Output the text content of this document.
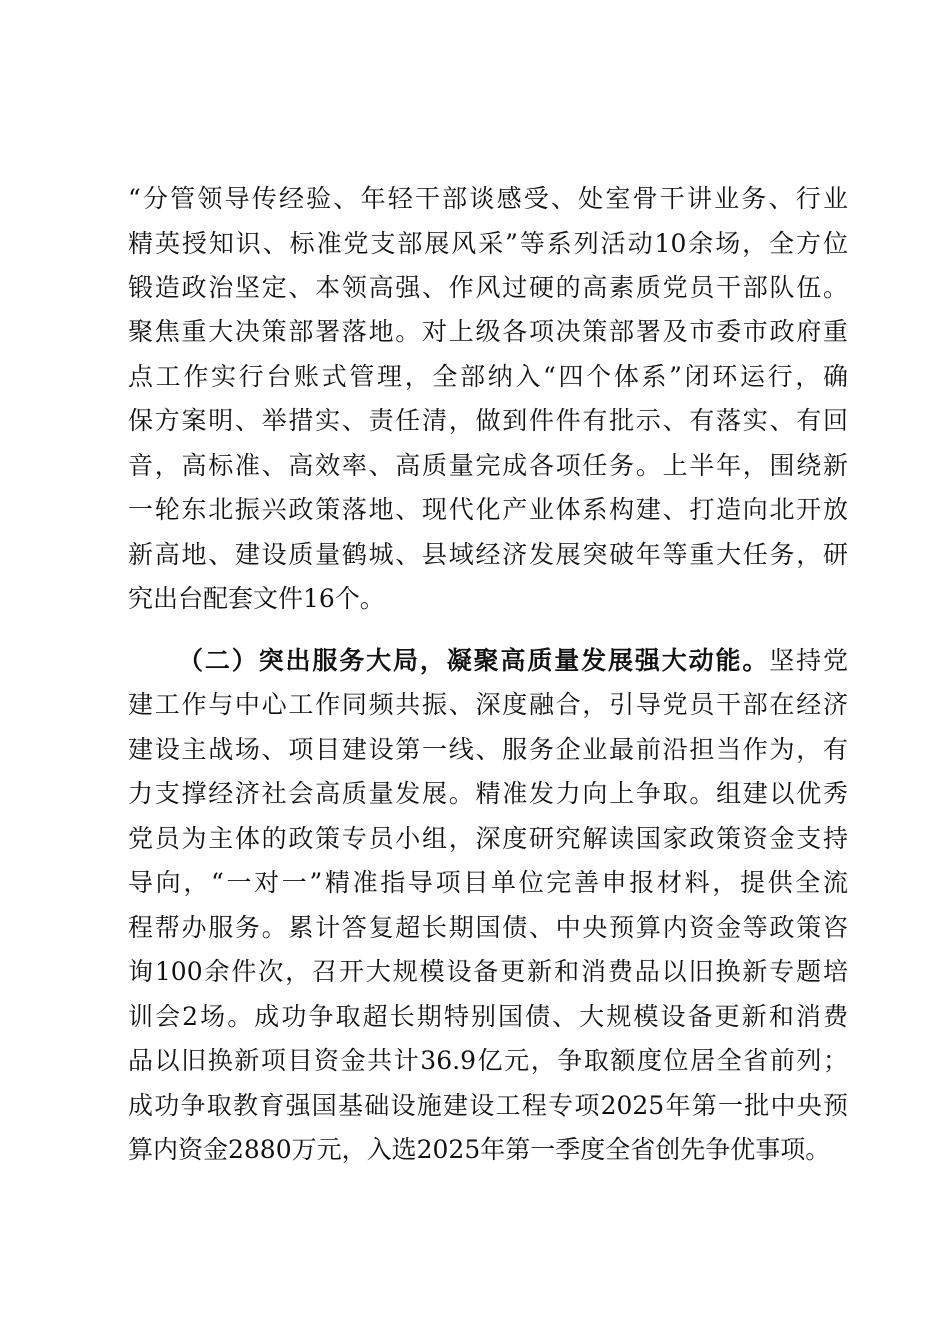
“分管领导传经验、年轻干部谈感受、处室骨干讲业务、行业
精英授知识、标准党支部展风采”等系列活动10余场，全方位
锻造政治坚定、本领高强、作风过硬的高素质党员干部队伍。
聚焦重大决策部署落地。对上级各项决策部署及市委市政府重
点工作实行台账式管理，全部纳入“四个体系”闭环运行，确
保方案明、举措实、责任清，做到件件有批示、有落实、有回
音，高标准、高效率、高质量完成各项任务。上半年，围绕新
一轮东北振兴政策落地、现代化产业体系构建、打造向北开放
新高地、建设质量鹤城、县域经济发展突破年等重大任务，研
究出台配套文件16个。
（二）突出服务大局，凝聚高质量发展强大动能。坚持党
建工作与中心工作同频共振、深度融合，引导党员干部在经济
建设主战场、项目建设第一线、服务企业最前沿担当作为，有
力支撑经济社会高质量发展。精准发力向上争取。组建以优秀
党员为主体的政策专员小组，深度研究解读国家政策资金支持
导向，“一对一”精准指导项目单位完善申报材料，提供全流
程帮办服务。累计答复超长期国债、中央预算内资金等政策咨
询100余件次，召开大规模设备更新和消费品以旧换新专题培
训会2场。成功争取超长期特别国债、大规模设备更新和消费
品以旧换新项目资金共计36.9亿元，争取额度位居全省前列；
成功争取教育强国基础设施建设工程专项2025年第一批中央预
算内资金2880万元，入选2025年第一季度全省创先争优事项。
